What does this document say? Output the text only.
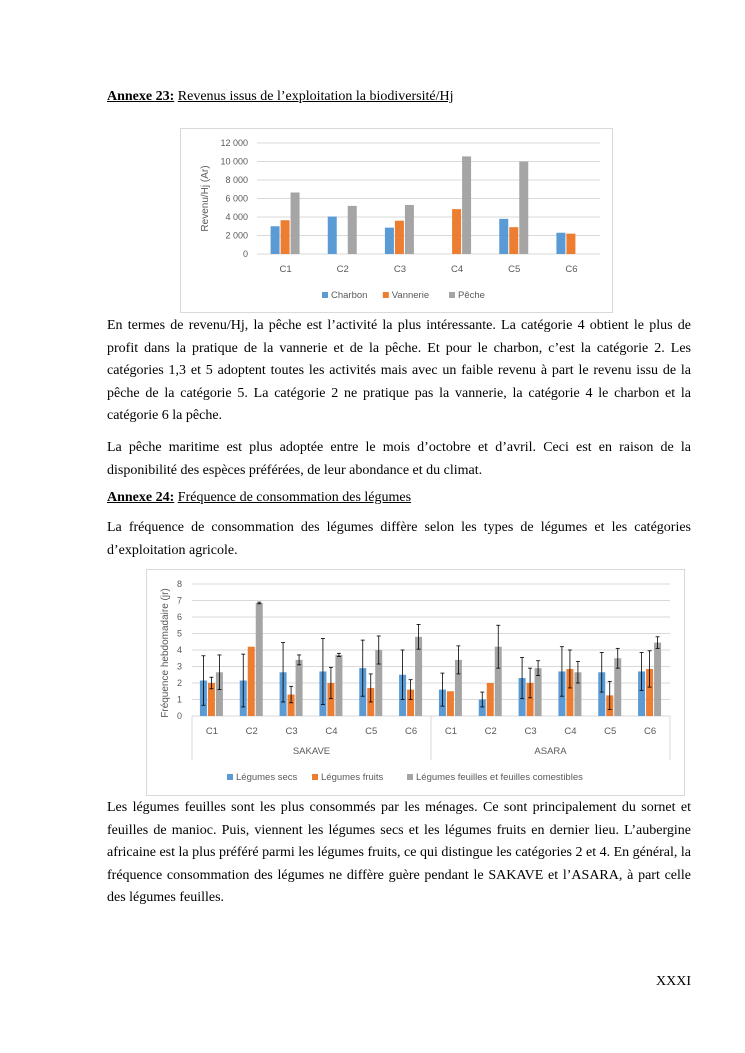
Annexe 23: Revenus issus de l’exploitation la biodiversité/Hj
0
2 000
4 000
6 000
8 000
10 000
12 000
Revenu/Hj (Ar)
C1	C2	C3	C4	C5	C6
Charbon	Vannerie	Pêche

En termes de revenu/Hj, la pêche est l’activité la plus intéressante. La catégorie 4 obtient le plus de profit dans la pratique de la vannerie et de la pêche. Et pour le charbon, c’est la catégorie 2. Les catégories 1,3 et 5 adoptent toutes les activités mais avec un faible revenu à part le revenu issu de la pêche de la catégorie 5. La catégorie 2 ne pratique pas la vannerie, la catégorie 4 le charbon et la catégorie 6 la pêche.

La pêche maritime est plus adoptée entre le mois d’octobre et d’avril. Ceci est en raison de la disponibilité des espèces préférées, de leur abondance et du climat.

Annexe 24: Fréquence de consommation des légumes

La fréquence de consommation des légumes diffère selon les types de légumes et les catégories d’exploitation agricole.

0
1
2
3
4
5
6
7
8
Fréquence hebdomadaire (jr)
C1	C2	C3	C4	C5	C6	C1	C2	C3	C4	C5	C6
SAKAVE	ASARA
Légumes secs Légumes fruits	Légumes feuilles et feuilles comestibles

Les légumes feuilles sont les plus consommés par les ménages. Ce sont principalement du sornet et feuilles de manioc. Puis, viennent les légumes secs et les légumes fruits en dernier lieu. L’aubergine africaine est la plus préféré parmi les légumes fruits, ce qui distingue les catégories 2 et 4. En général, la fréquence consommation des légumes ne diffère guère pendant le SAKAVE et l’ASARA, à part celle des légumes feuilles.

XXXI
